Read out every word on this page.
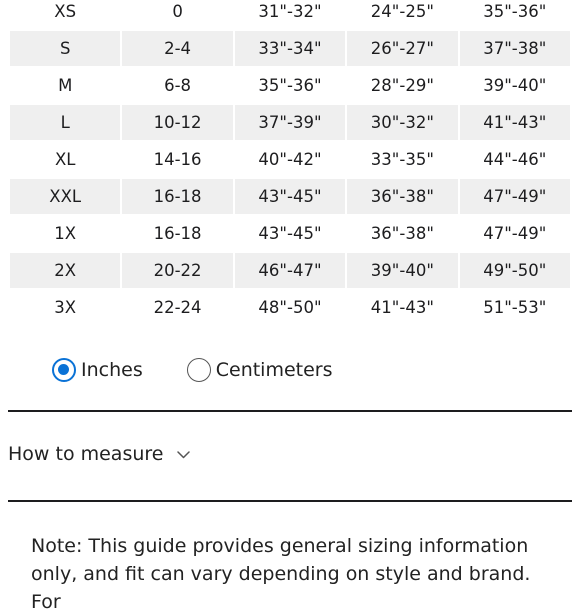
XS	0	31"-32"	24"-25"	35"-36"
S	2-4	33"-34"	26"-27"	37"-38"
M	6-8	35"-36"	28"-29"	39"-40"
L	10-12	37"-39"	30"-32"	41"-43"
XL	14-16	40"-42"	33"-35"	44"-46"
XXL	16-18	43"-45"	36"-38"	47"-49"
1X	16-18	43"-45"	36"-38"	47"-49"
2X	20-22	46"-47"	39"-40"	49"-50"
3X	22-24	48"-50"	41"-43"	51"-53"
Inches	Centimeters
How to measure

Note: This guide provides general sizing information only, and fit can vary depending on style and brand. For
